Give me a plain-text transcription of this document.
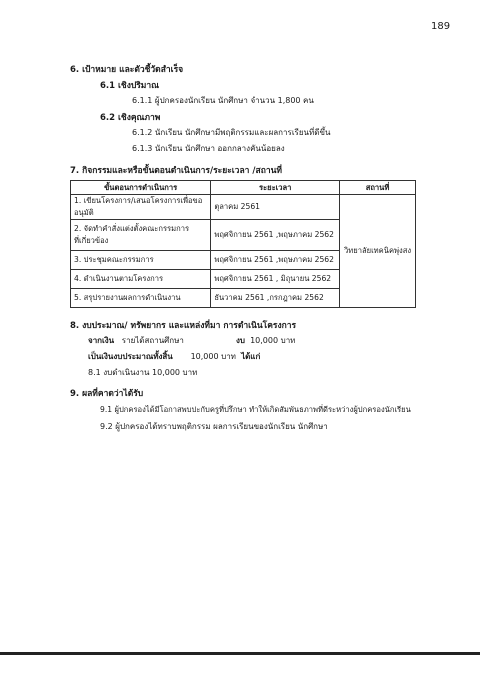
189
6. เป้าหมาย และตัวชี้วัดสำเร็จ
6.1 เชิงปริมาณ
6.1.1 ผู้ปกครองนักเรียน นักศึกษา จำนวน 1,800 คน
6.2 เชิงคุณภาพ
6.1.2 นักเรียน นักศึกษามีพฤติกรรมและผลการเรียนที่ดีขึ้น
6.1.3 นักเรียน นักศึกษา ออกกลางคันน้อยลง
7. กิจกรรมและหรือขั้นตอนดำเนินการ/ระยะเวลา /สถานที่
ขั้นตอนการดำเนินการ	ระยะเวลา	สถานที่
1. เขียนโครงการ/เสนอโครงการเพื่อขออนุมัติ	ตุลาคม 2561	วิทยาลัยเทคนิคพุ่งสง

2. จัดทำคำสั่งแต่งตั้งคณะกรรมการ
ที่เกี่ยวข้อง	พฤศจิกายน 2561 ,พฤษภาคม 2562	
3. ประชุมคณะกรรมการ	พฤศจิกายน 2561 ,พฤษภาคม 2562	
4. ดำเนินงานตามโครงการ	พฤศจิกายน 2561 , มิถุนายน 2562	
5. สรุปรายงานผลการดำเนินงาน	ธันวาคม 2561 ,กรกฎาคม 2562	
8. งบประมาณ/ ทรัพยากร และแหล่งที่มา การดำเนินโครงการ
จากเงิน รายได้สถานศึกษา	งบ 10,000 บาท
เป็นเงินงบประมาณทั้งสิ้น 10,000 บาท ได้แก่
8.1 งบดำเนินงาน 10,000 บาท
9. ผลที่คาดว่าได้รับ
9.1 ผู้ปกครองได้มีโอกาสพบปะกับครูที่ปรึกษา ทำให้เกิดสัมพันธภาพที่ดีระหว่างผู้ปกครองนักเรียน
9.2 ผู้ปกครองได้ทราบพฤติกรรม ผลการเรียนของนักเรียน นักศึกษา
